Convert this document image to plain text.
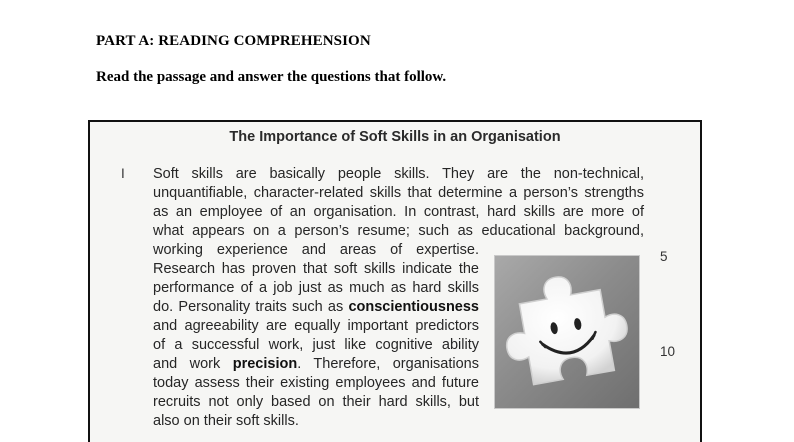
PART A: READING COMPREHENSION
Read the passage and answer the questions that follow.
The Importance of Soft Skills in an Organisation
I
5
10
Soft skills are basically people skills. They are the non-technical,
unquantifiable, character-related skills that determine a person’s strengths
as an employee of an organisation. In contrast, hard skills are more of
what appears on a person’s resume; such as educational background,
working experience and areas of expertise.
Research has proven that soft skills indicate the
performance of a job just as much as hard skills
do. Personality traits such as conscientiousness
and agreeability are equally important predictors
of a successful work, just like cognitive ability
and work precision. Therefore, organisations
today assess their existing employees and future
recruits not only based on their hard skills, but
also on their soft skills.
